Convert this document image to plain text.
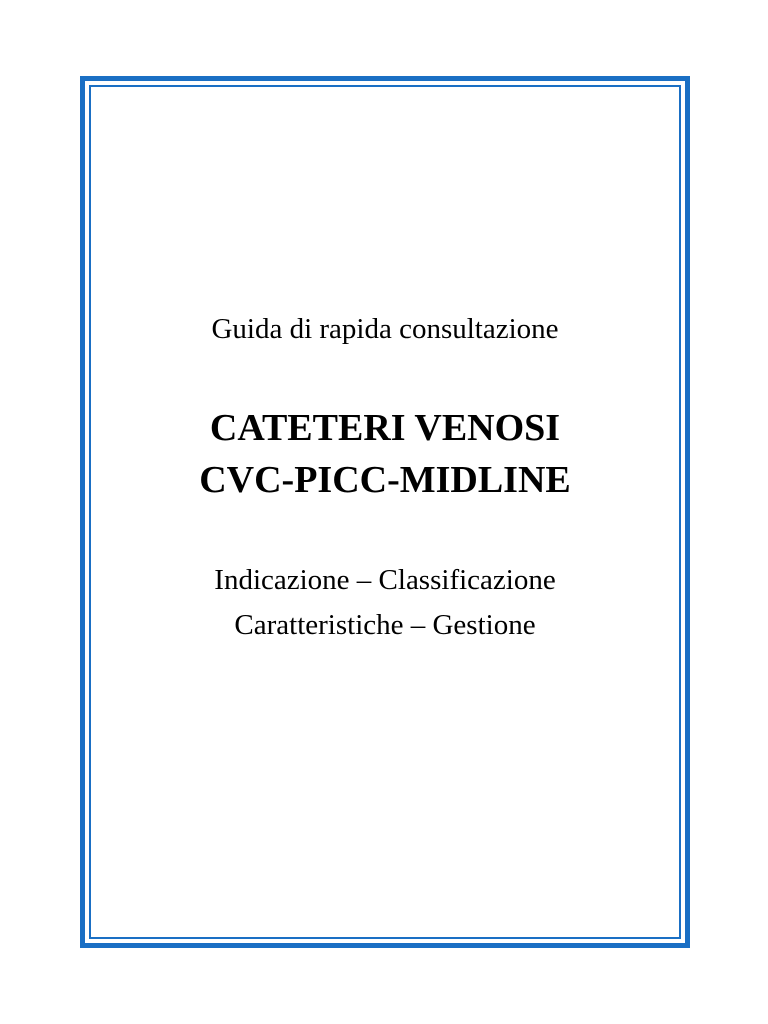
Guida di rapida consultazione

CATETERI VENOSI
CVC-PICC-MIDLINE

Indicazione – Classificazione

Caratteristiche – Gestione
